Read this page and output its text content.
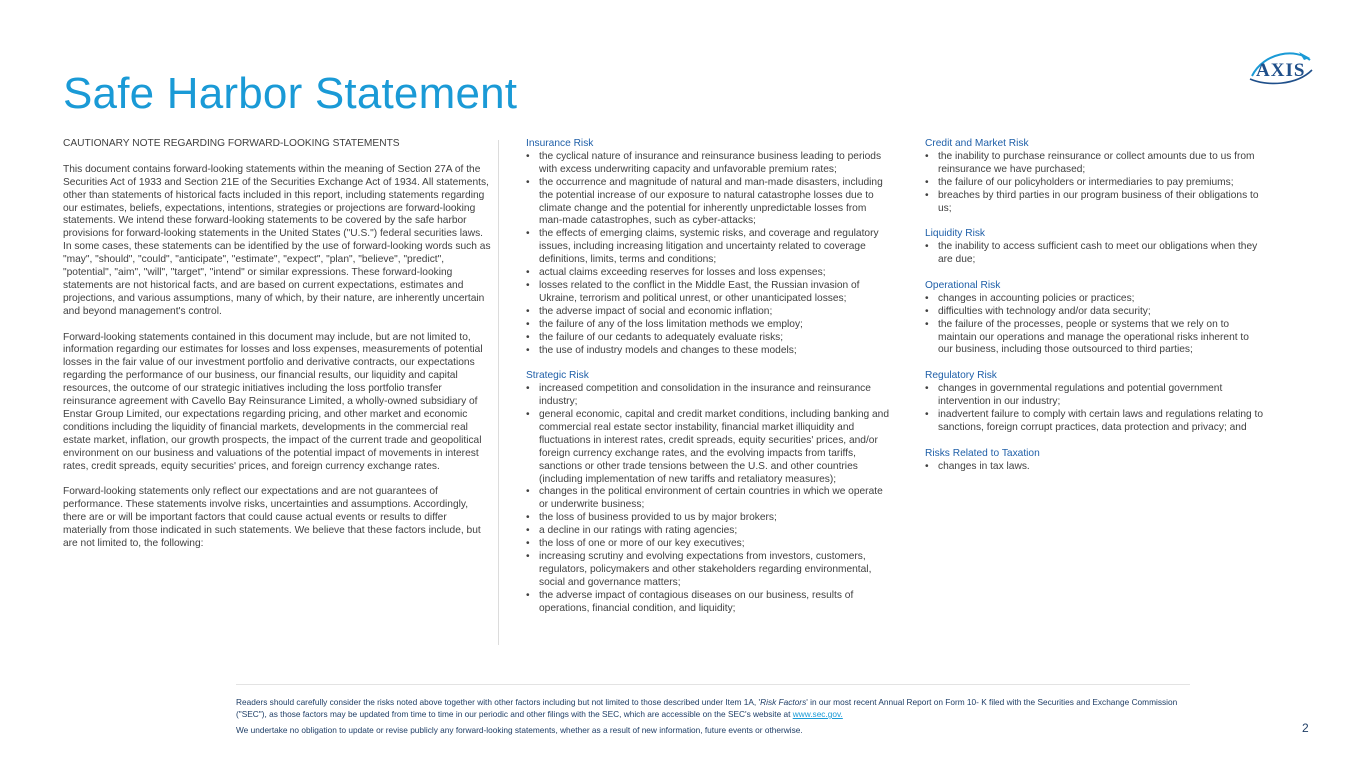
Safe Harbor Statement	AXIS

CAUTIONARY NOTE REGARDING FORWARD-LOOKING STATEMENTS

This document contains forward-looking statements within the meaning of Section 27A of the Securities Act of 1933 and Section 21E of the Securities Exchange Act of 1934. All statements, other than statements of historical facts included in this report, including statements regarding our estimates, beliefs, expectations, intentions, strategies or projections are forward-looking statements. We intend these forward-looking statements to be covered by the safe harbor provisions for forward-looking statements in the United States ("U.S.") federal securities laws. In some cases, these statements can be identified by the use of forward-looking words such as "may", "should", "could", "anticipate", "estimate", "expect", "plan", "believe", "predict", "potential", "aim", "will", "target", "intend" or similar expressions. These forward-looking statements are not historical facts, and are based on current expectations, estimates and projections, and various assumptions, many of which, by their nature, are inherently uncertain and beyond management's control.

Forward-looking statements contained in this document may include, but are not limited to, information regarding our estimates for losses and loss expenses, measurements of potential losses in the fair value of our investment portfolio and derivative contracts, our expectations regarding the performance of our business, our financial results, our liquidity and capital resources, the outcome of our strategic initiatives including the loss portfolio transfer reinsurance agreement with Cavello Bay Reinsurance Limited, a wholly-owned subsidiary of Enstar Group Limited, our expectations regarding pricing, and other market and economic conditions including the liquidity of financial markets, developments in the commercial real estate market, inflation, our growth prospects, the impact of the current trade and geopolitical environment on our business and valuations of the potential impact of movements in interest rates, credit spreads, equity securities' prices, and foreign currency exchange rates.

Forward-looking statements only reflect our expectations and are not guarantees of performance. These statements involve risks, uncertainties and assumptions. Accordingly, there are or will be important factors that could cause actual events or results to differ materially from those indicated in such statements. We believe that these factors include, but are not limited to, the following:

Insurance Risk

• the cyclical nature of insurance and reinsurance business leading to periods with excess underwriting capacity and unfavorable premium rates;
• the occurrence and magnitude of natural and man-made disasters, including the potential increase of our exposure to natural catastrophe losses due to climate change and the potential for inherently unpredictable losses from man-made catastrophes, such as cyber-attacks;
• the effects of emerging claims, systemic risks, and coverage and regulatory issues, including increasing litigation and uncertainty related to coverage definitions, limits, terms and conditions;
• actual claims exceeding reserves for losses and loss expenses;
• losses related to the conflict in the Middle East, the Russian invasion of Ukraine, terrorism and political unrest, or other unanticipated losses;
• the adverse impact of social and economic inflation;
• the failure of any of the loss limitation methods we employ;
• the failure of our cedants to adequately evaluate risks;
• the use of industry models and changes to these models;

Strategic Risk

• increased competition and consolidation in the insurance and reinsurance industry;
• general economic, capital and credit market conditions, including banking and commercial real estate sector instability, financial market illiquidity and fluctuations in interest rates, credit spreads, equity securities' prices, and/or foreign currency exchange rates, and the evolving impacts from tariffs, sanctions or other trade tensions between the U.S. and other countries (including implementation of new tariffs and retaliatory measures);
• changes in the political environment of certain countries in which we operate or underwrite business;
• the loss of business provided to us by major brokers;
• a decline in our ratings with rating agencies;
• the loss of one or more of our key executives;
• increasing scrutiny and evolving expectations from investors, customers, regulators, policymakers and other stakeholders regarding environmental, social and governance matters;
• the adverse impact of contagious diseases on our business, results of operations, financial condition, and liquidity;

Credit and Market Risk

• the inability to purchase reinsurance or collect amounts due to us from reinsurance we have purchased;
• the failure of our policyholders or intermediaries to pay premiums;
• breaches by third parties in our program business of their obligations to us;

Liquidity Risk

• the inability to access sufficient cash to meet our obligations when they are due;

Operational Risk

• changes in accounting policies or practices;
• difficulties with technology and/or data security;
• the failure of the processes, people or systems that we rely on to maintain our operations and manage the operational risks inherent to our business, including those outsourced to third parties;

Regulatory Risk

• changes in governmental regulations and potential government intervention in our industry;
• inadvertent failure to comply with certain laws and regulations relating to sanctions, foreign corrupt practices, data protection and privacy; and

Risks Related to Taxation

• changes in tax laws.

Readers should carefully consider the risks noted above together with other factors including but not limited to those described under Item 1A, 'Risk Factors' in our most recent Annual Report on Form 10- K filed with the Securities and Exchange Commission ("SEC"), as those factors may be updated from time to time in our periodic and other filings with the SEC, which are accessible on the SEC's website at www.sec.gov.

We undertake no obligation to update or revise publicly any forward-looking statements, whether as a result of new information, future events or otherwise.	2
